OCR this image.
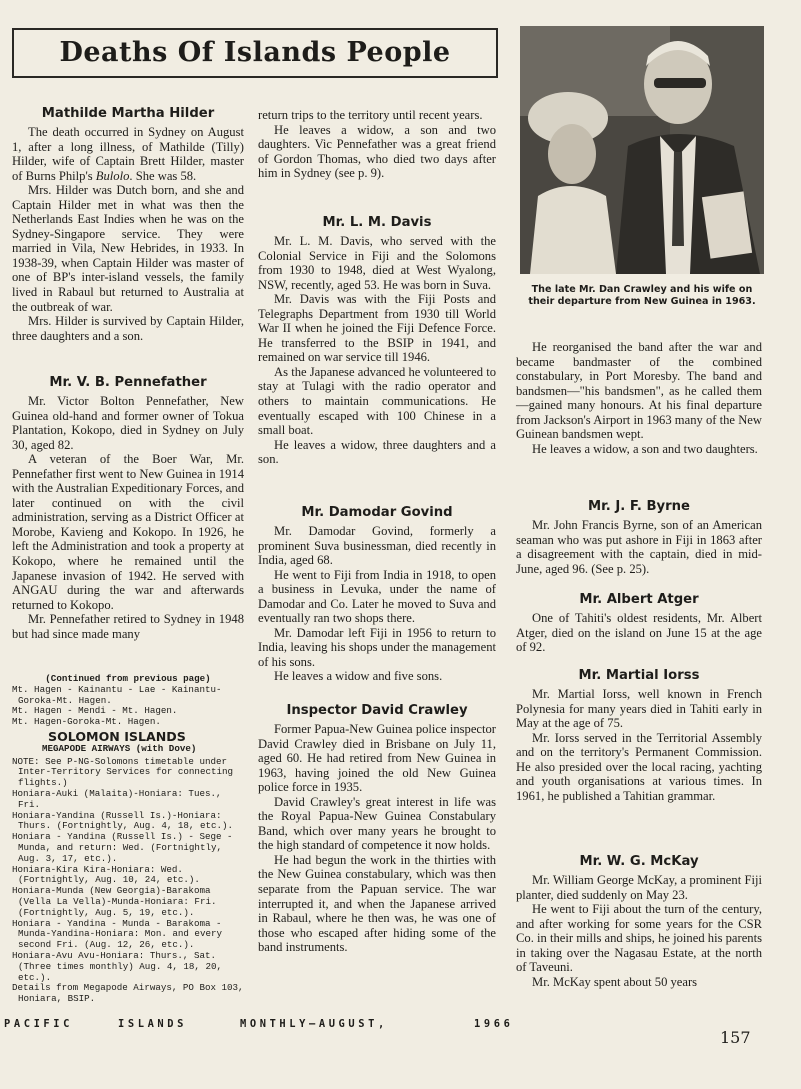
Deaths Of Islands People

Mathilde Martha Hilder

The death occurred in Sydney on August 1, after a long illness, of Mathilde (Tilly) Hilder, wife of Captain Brett Hilder, master of Burns Philp's Bulolo. She was 58.

Mrs. Hilder was Dutch born, and she and Captain Hilder met in what was then the Netherlands East Indies when he was on the Sydney-Singapore service. They were married in Vila, New Hebrides, in 1933. In 1938-39, when Captain Hilder was master of one of BP's inter-island vessels, the family lived in Rabaul but returned to Australia at the outbreak of war.

Mrs. Hilder is survived by Captain Hilder, three daughters and a son.

Mr. V. B. Pennefather

Mr. Victor Bolton Pennefather, New Guinea old-hand and former owner of Tokua Plantation, Kokopo, died in Sydney on July 30, aged 82.

A veteran of the Boer War, Mr. Pennefather first went to New Guinea in 1914 with the Australian Expeditionary Forces, and later continued on with the civil administration, serving as a District Officer at Morobe, Kavieng and Kokopo. In 1926, he left the Administration and took a property at Kokopo, where he remained until the Japanese invasion of 1942. He served with ANGAU during the war and afterwards returned to Kokopo.

Mr. Pennefather retired to Sydney in 1948 but had since made many

(Continued from previous page)

Mt. Hagen - Kainantu - Lae - Kainantu-Goroka-Mt. Hagen.

Mt. Hagen - Mendi - Mt. Hagen.

Mt. Hagen-Goroka-Mt. Hagen.

SOLOMON ISLANDS

MEGAPODE AIRWAYS (with Dove)

NOTE: See P-NG-Solomons timetable under Inter-Territory Services for connecting flights.)

Honiara-Auki (Malaita)-Honiara: Tues., Fri.

Honiara-Yandina (Russell Is.)-Honiara: Thurs. (Fortnightly, Aug. 4, 18, etc.).

Honiara - Yandina (Russell Is.) - Sege - Munda, and return: Wed. (Fortnightly, Aug. 3, 17, etc.).

Honiara-Kira Kira-Honiara: Wed. (Fortnightly, Aug. 10, 24, etc.).

Honiara-Munda (New Georgia)-Barakoma (Vella La Vella)-Munda-Honiara: Fri. (Fortnightly, Aug. 5, 19, etc.).

Honiara - Yandina - Munda - Barakoma - Munda-Yandina-Honiara: Mon. and every second Fri. (Aug. 12, 26, etc.).

Honiara-Avu Avu-Honiara: Thurs., Sat. (Three times monthly) Aug. 4, 18, 20, etc.).

Details from Megapode Airways, PO Box 103, Honiara, BSIP.

return trips to the territory until recent years.

He leaves a widow, a son and two daughters. Vic Pennefather was a great friend of Gordon Thomas, who died two days after him in Sydney (see p. 9).

Mr. L. M. Davis

Mr. L. M. Davis, who served with the Colonial Service in Fiji and the Solomons from 1930 to 1948, died at West Wyalong, NSW, recently, aged 53. He was born in Suva.

Mr. Davis was with the Fiji Posts and Telegraphs Department from 1930 till World War II when he joined the Fiji Defence Force. He transferred to the BSIP in 1941, and remained on war service till 1946.

As the Japanese advanced he volunteered to stay at Tulagi with the radio operator and others to maintain communications. He eventually escaped with 100 Chinese in a small boat.

He leaves a widow, three daughters and a son.

Mr. Damodar Govind

Mr. Damodar Govind, formerly a prominent Suva businessman, died recently in India, aged 68.

He went to Fiji from India in 1918, to open a business in Levuka, under the name of Damodar and Co. Later he moved to Suva and eventually ran two shops there.

Mr. Damodar left Fiji in 1956 to return to India, leaving his shops under the management of his sons.

He leaves a widow and five sons.

Inspector David Crawley

Former Papua-New Guinea police inspector David Crawley died in Brisbane on July 11, aged 60. He had retired from New Guinea in 1963, having joined the old New Guinea police force in 1935.

David Crawley's great interest in life was the Royal Papua-New Guinea Constabulary Band, which over many years he brought to the high standard of competence it now holds.

He had begun the work in the thirties with the New Guinea constabulary, which was then separate from the Papuan service. The war interrupted it, and when the Japanese arrived in Rabaul, where he then was, he was one of those who escaped after hiding some of the band instruments.

The late Mr. Dan Crawley and his wife on their departure from New Guinea in 1963.

He reorganised the band after the war and became bandmaster of the combined constabulary, in Port Moresby. The band and bandsmen—"his bandsmen", as he called them—gained many honours. At his final departure from Jackson's Airport in 1963 many of the New Guinean bandsmen wept.

He leaves a widow, a son and two daughters.

Mr. J. F. Byrne

Mr. John Francis Byrne, son of an American seaman who was put ashore in Fiji in 1863 after a disagreement with the captain, died in mid-June, aged 96. (See p. 25).

Mr. Albert Atger

One of Tahiti's oldest residents, Mr. Albert Atger, died on the island on June 15 at the age of 92.

Mr. Martial Iorss

Mr. Martial Iorss, well known in French Polynesia for many years died in Tahiti early in May at the age of 75.

Mr. Iorss served in the Territorial Assembly and on the territory's Permanent Commission. He also presided over the local racing, yachting and youth organisations at various times. In 1961, he published a Tahitian grammar.

Mr. W. G. McKay

Mr. William George McKay, a prominent Fiji planter, died suddenly on May 23.

He went to Fiji about the turn of the century, and after working for some years for the CSR Co. in their mills and ships, he joined his parents in taking over the Nagasau Estate, at the north of Taveuni.

Mr. McKay spent about 50 years

PACIFIC	ISLANDS	MONTHLY—AUGUST,	1966
157
